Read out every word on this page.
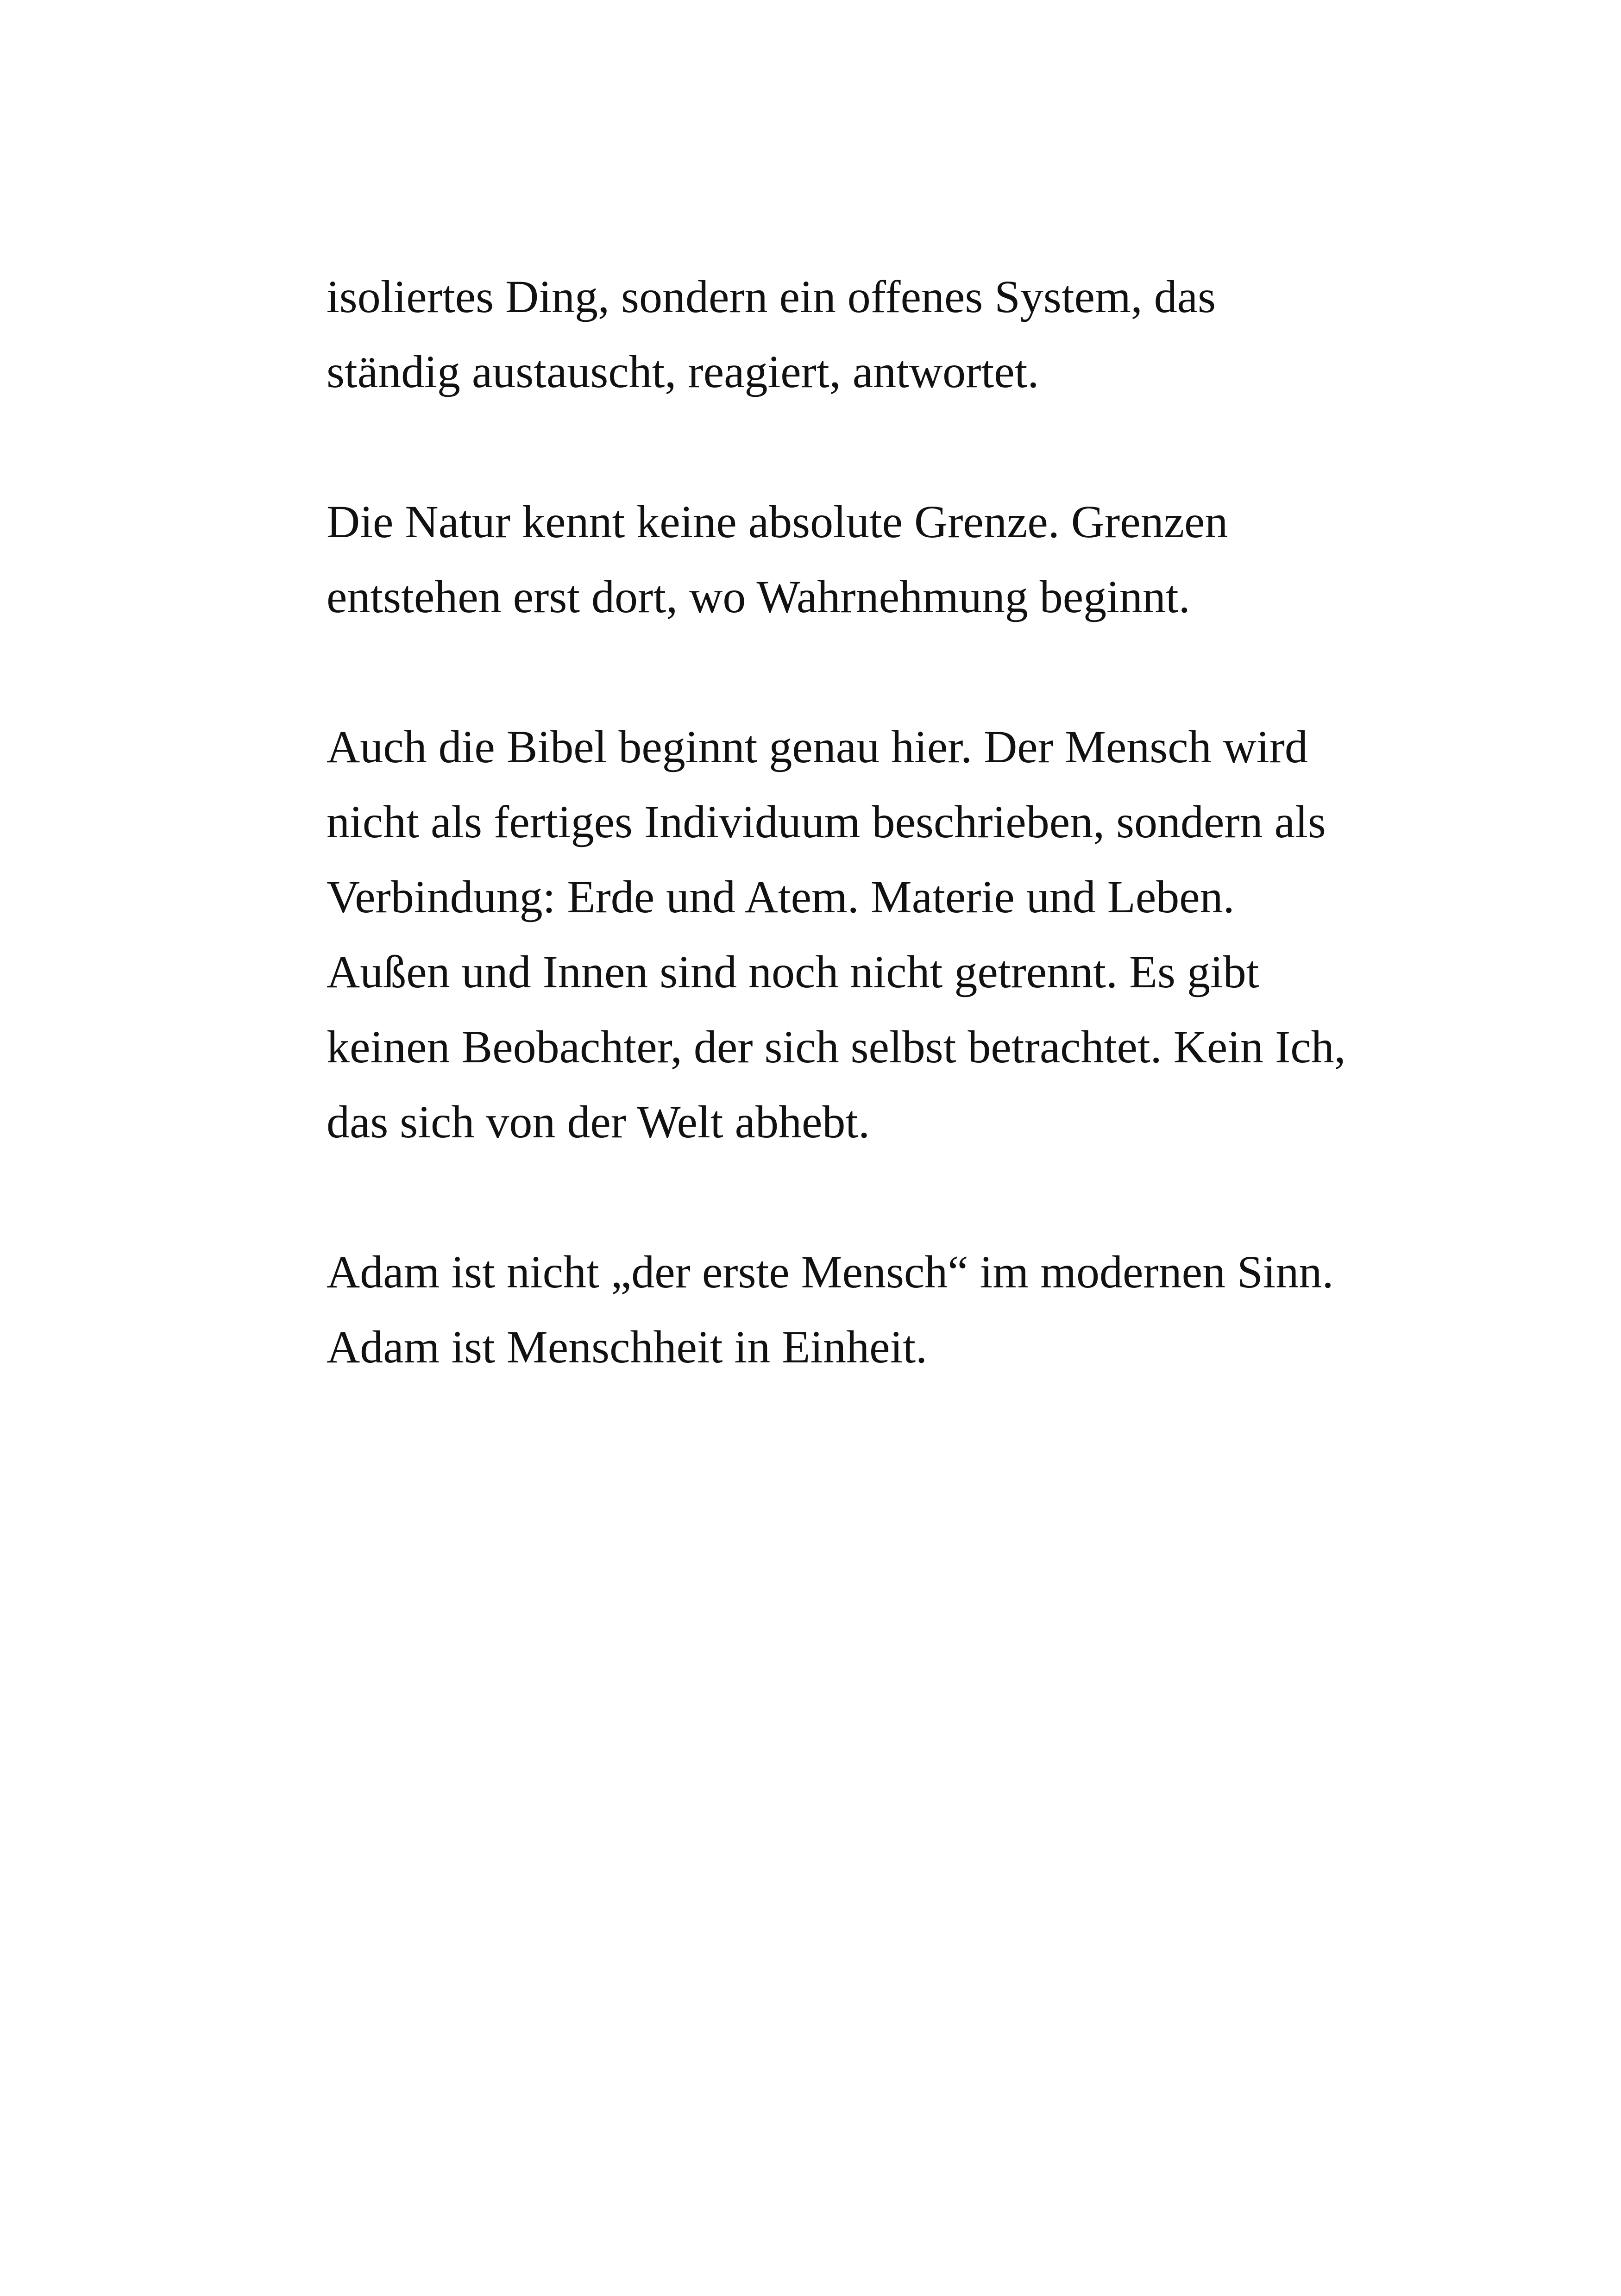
isoliertes Ding, sondern ein offenes System, das
ständig austauscht, reagiert, antwortet.
Die Natur kennt keine absolute Grenze. Grenzen
entstehen erst dort, wo Wahrnehmung beginnt.
Auch die Bibel beginnt genau hier. Der Mensch wird
nicht als fertiges Individuum beschrieben, sondern als
Verbindung: Erde und Atem. Materie und Leben.
Außen und Innen sind noch nicht getrennt. Es gibt
keinen Beobachter, der sich selbst betrachtet. Kein Ich,
das sich von der Welt abhebt.
Adam ist nicht „der erste Mensch“ im modernen Sinn.
Adam ist Menschheit in Einheit.
